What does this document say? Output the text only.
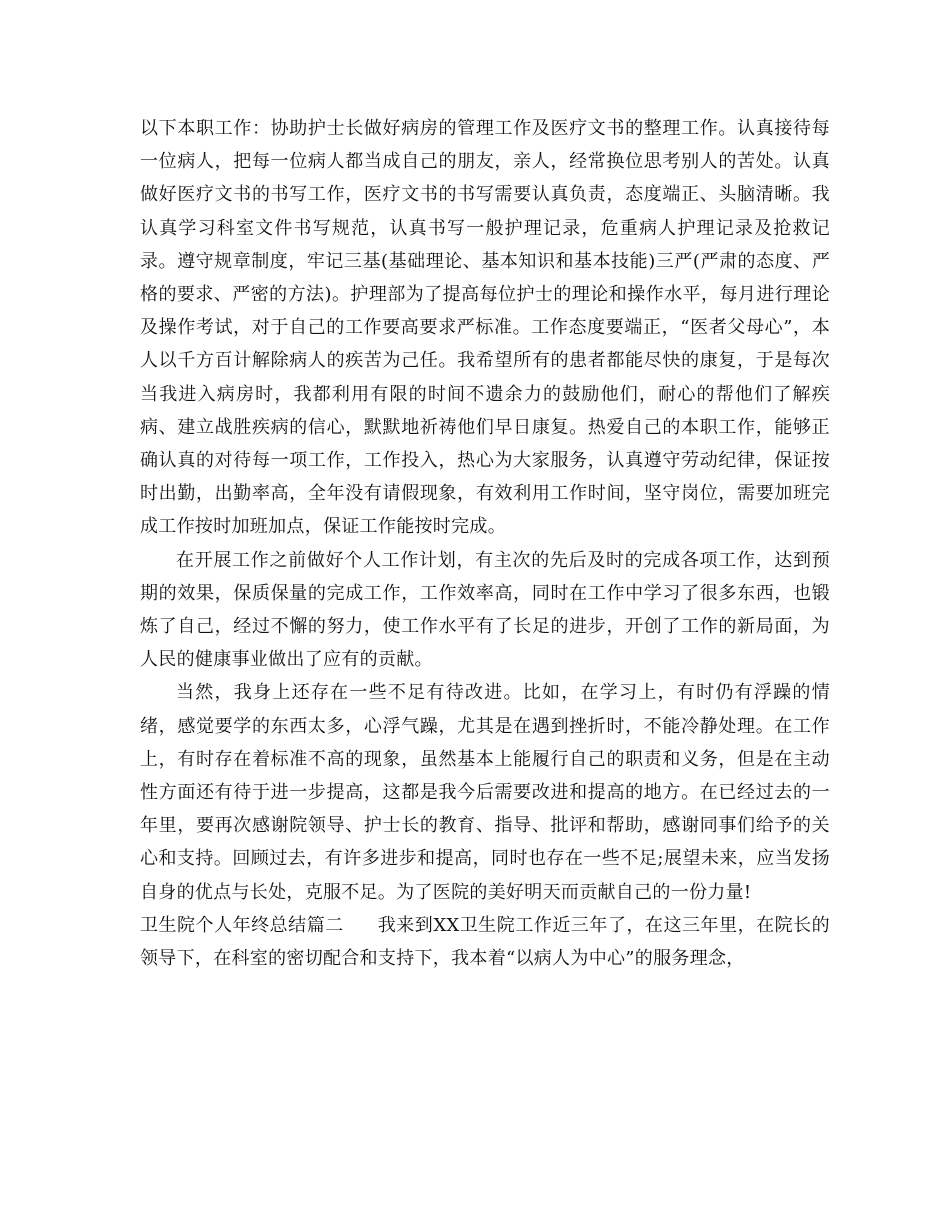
以下本职工作：协助护士长做好病房的管理工作及医疗文书的整理工作。认真接待每一位病人，把每一位病人都当成自己的朋友，亲人，经常换位思考别人的苦处。认真做好医疗文书的书写工作，医疗文书的书写需要认真负责，态度端正、头脑清晰。我认真学习科室文件书写规范，认真书写一般护理记录，危重病人护理记录及抢救记录。遵守规章制度，牢记三基(基础理论、基本知识和基本技能)三严(严肃的态度、严格的要求、严密的方法)。护理部为了提高每位护士的理论和操作水平，每月进行理论及操作考试，对于自己的工作要高要求严标准。工作态度要端正，“医者父母心”，本人以千方百计解除病人的疾苦为己任。我希望所有的患者都能尽快的康复，于是每次当我进入病房时，我都利用有限的时间不遗余力的鼓励他们，耐心的帮他们了解疾病、建立战胜疾病的信心，默默地祈祷他们早日康复。热爱自己的本职工作，能够正确认真的对待每一项工作，工作投入，热心为大家服务，认真遵守劳动纪律，保证按时出勤，出勤率高，全年没有请假现象，有效利用工作时间，坚守岗位，需要加班完成工作按时加班加点，保证工作能按时完成。

在开展工作之前做好个人工作计划，有主次的先后及时的完成各项工作，达到预期的效果，保质保量的完成工作，工作效率高，同时在工作中学习了很多东西，也锻炼了自己，经过不懈的努力，使工作水平有了长足的进步，开创了工作的新局面，为人民的健康事业做出了应有的贡献。

当然，我身上还存在一些不足有待改进。比如，在学习上，有时仍有浮躁的情绪，感觉要学的东西太多，心浮气躁，尤其是在遇到挫折时，不能冷静处理。在工作上，有时存在着标准不高的现象，虽然基本上能履行自己的职责和义务，但是在主动性方面还有待于进一步提高，这都是我今后需要改进和提高的地方。在已经过去的一年里，要再次感谢院领导、护士长的教育、指导、批评和帮助，感谢同事们给予的关心和支持。回顾过去，有许多进步和提高，同时也存在一些不足;展望未来，应当发扬自身的优点与长处，克服不足。为了医院的美好明天而贡献自己的一份力量!

卫生院个人年终总结篇二 我来到XX卫生院工作近三年了，在这三年里，在院长的领导下，在科室的密切配合和支持下，我本着“以病人为中心”的服务理念，
